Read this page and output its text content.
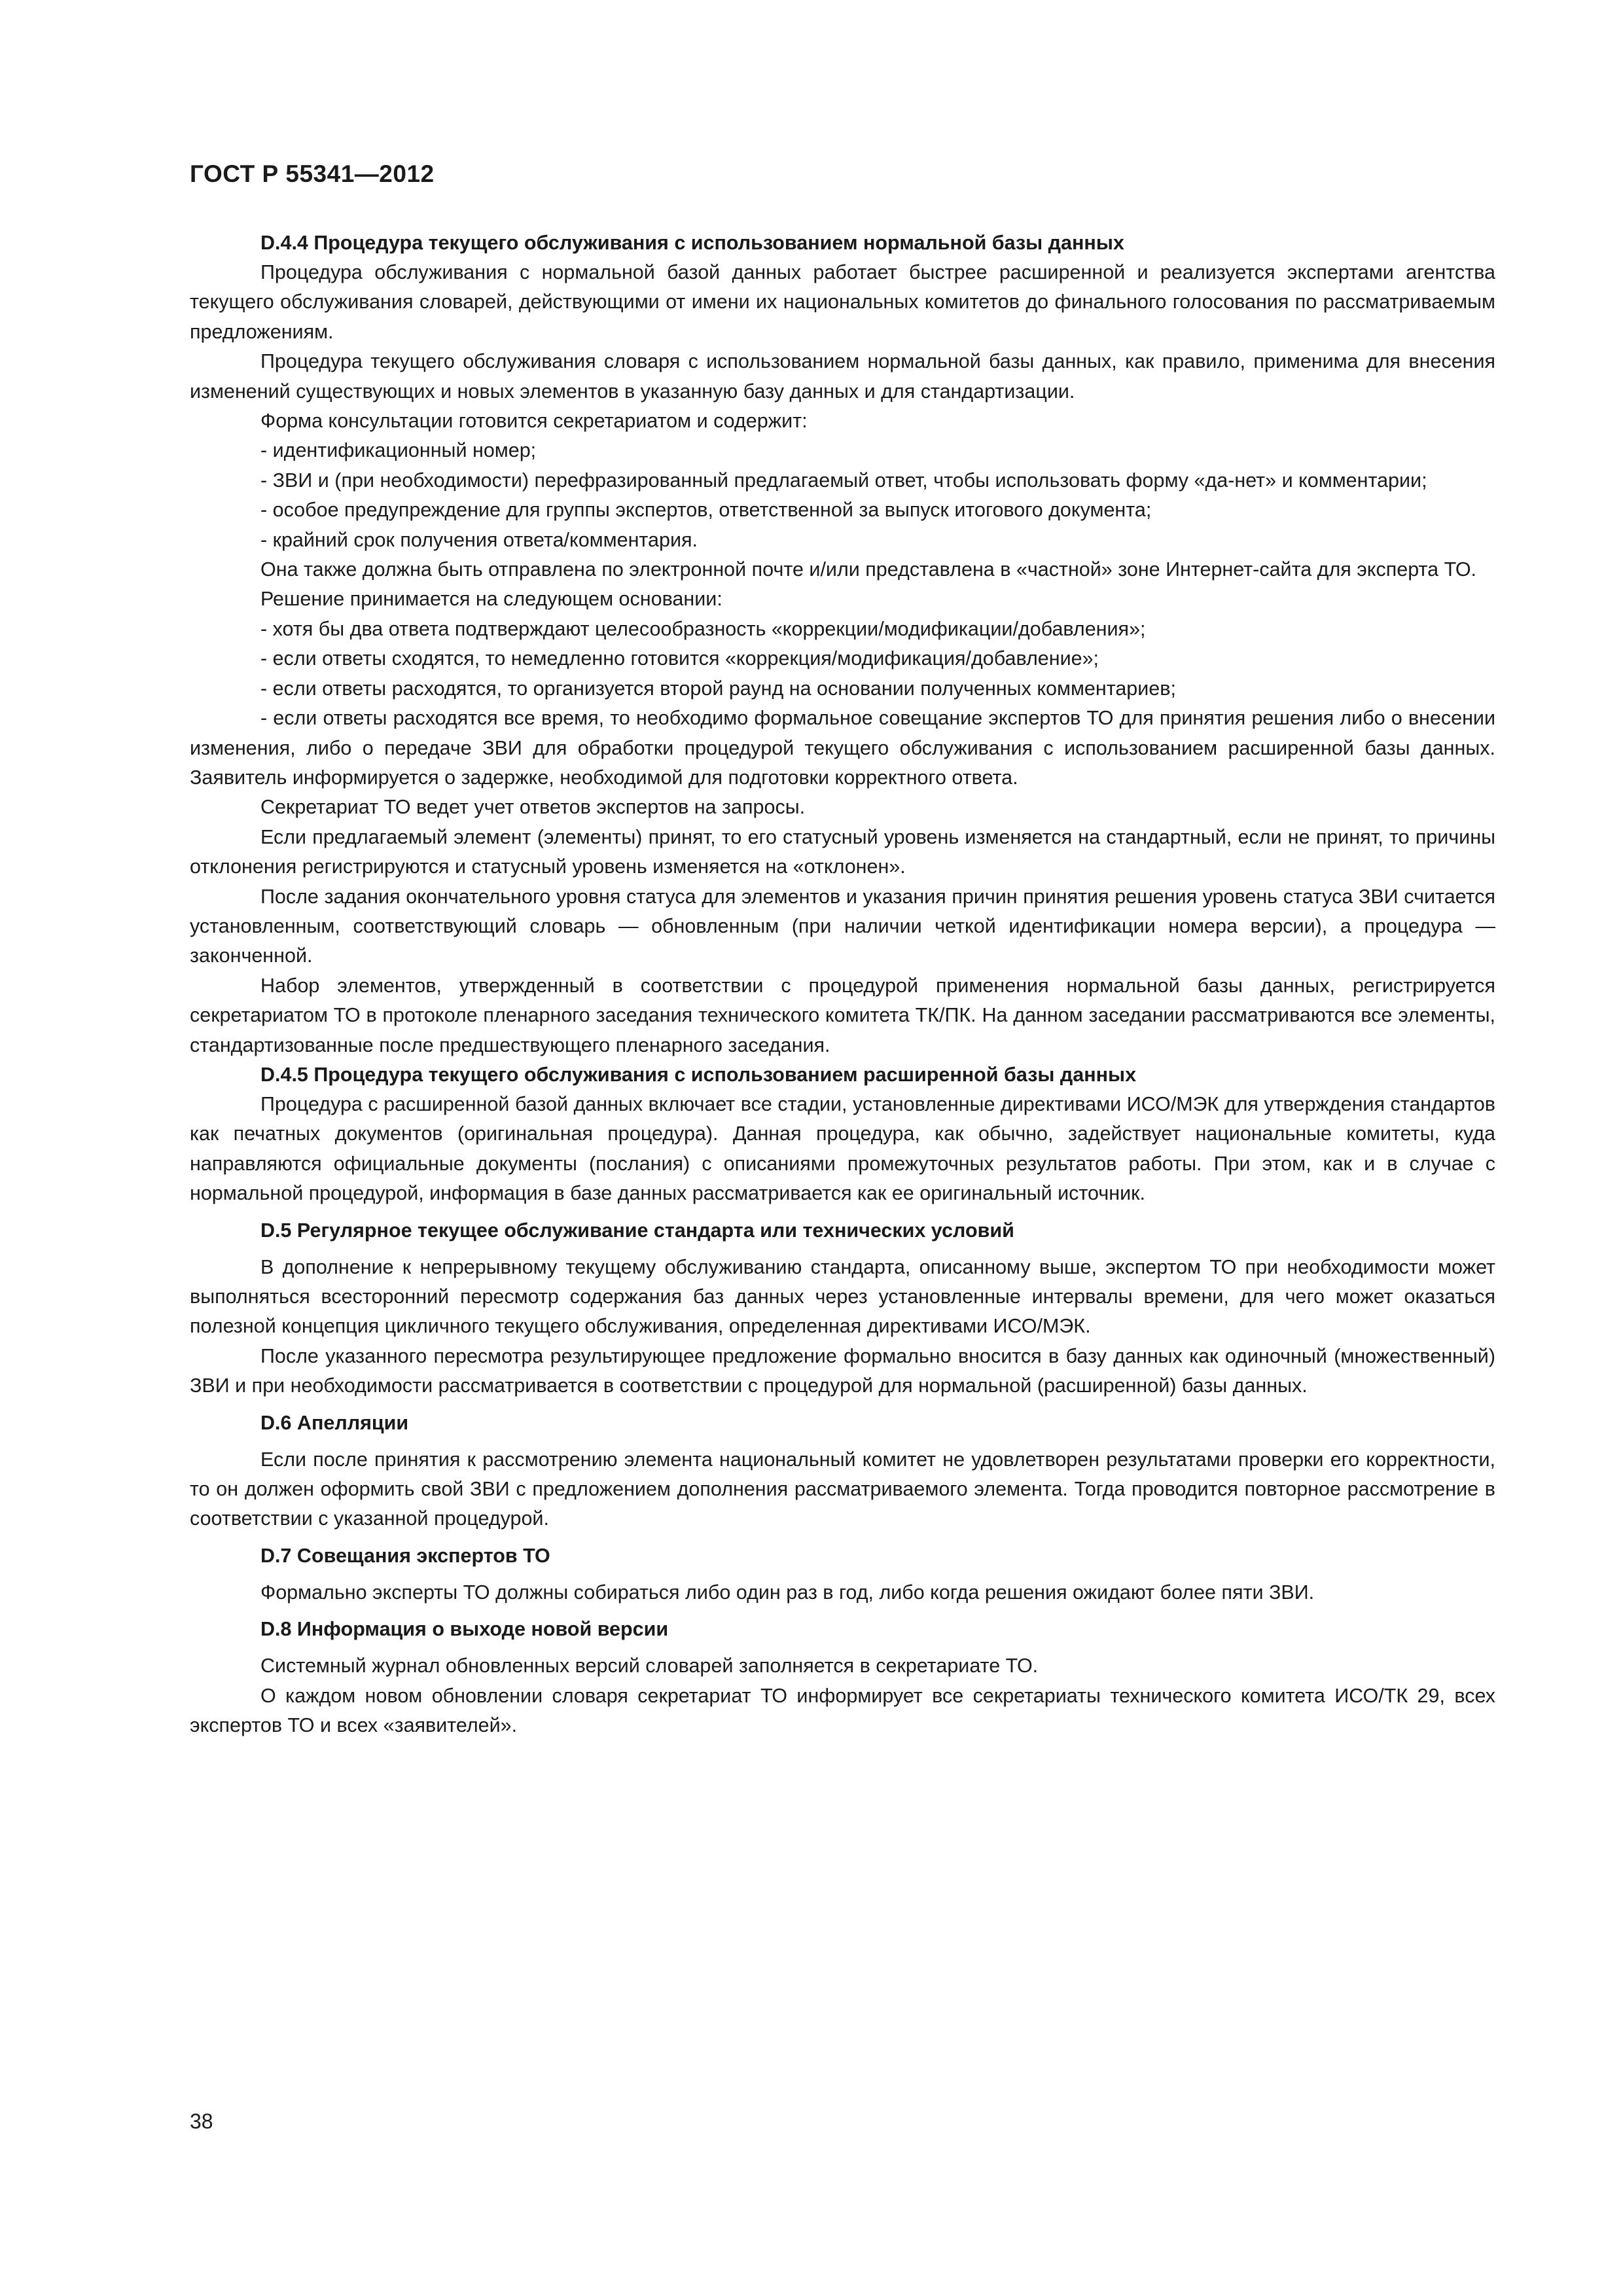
ГОСТ Р 55341—2012
D.4.4 Процедура текущего обслуживания с использованием нормальной базы данных
Процедура обслуживания с нормальной базой данных работает быстрее расширенной и реализуется экспертами агентства текущего обслуживания словарей, действующими от имени их национальных комитетов до финального голосования по рассматриваемым предложениям.
Процедура текущего обслуживания словаря с использованием нормальной базы данных, как правило, применима для внесения изменений существующих и новых элементов в указанную базу данных и для стандартизации.
Форма консультации готовится секретариатом и содержит:
- идентификационный номер;
- ЗВИ и (при необходимости) перефразированный предлагаемый ответ, чтобы использовать форму «да-нет» и комментарии;
- особое предупреждение для группы экспертов, ответственной за выпуск итогового документа;
- крайний срок получения ответа/комментария.
Она также должна быть отправлена по электронной почте и/или представлена в «частной» зоне Интернет-сайта для эксперта ТО.
Решение принимается на следующем основании:
- хотя бы два ответа подтверждают целесообразность «коррекции/модификации/добавления»;
- если ответы сходятся, то немедленно готовится «коррекция/модификация/добавление»;
- если ответы расходятся, то организуется второй раунд на основании полученных комментариев;
- если ответы расходятся все время, то необходимо формальное совещание экспертов ТО для принятия решения либо о внесении изменения, либо о передаче ЗВИ для обработки процедурой текущего обслуживания с использованием расширенной базы данных. Заявитель информируется о задержке, необходимой для подготовки корректного ответа.
Секретариат ТО ведет учет ответов экспертов на запросы.
Если предлагаемый элемент (элементы) принят, то его статусный уровень изменяется на стандартный, если не принят, то причины отклонения регистрируются и статусный уровень изменяется на «отклонен».
После задания окончательного уровня статуса для элементов и указания причин принятия решения уровень статуса ЗВИ считается установленным, соответствующий словарь — обновленным (при наличии четкой идентификации номера версии), а процедура — законченной.
Набор элементов, утвержденный в соответствии с процедурой применения нормальной базы данных, регистрируется секретариатом ТО в протоколе пленарного заседания технического комитета ТК/ПК. На данном заседании рассматриваются все элементы, стандартизованные после предшествующего пленарного заседания.
D.4.5 Процедура текущего обслуживания с использованием расширенной базы данных
Процедура с расширенной базой данных включает все стадии, установленные директивами ИСО/МЭК для утверждения стандартов как печатных документов (оригинальная процедура). Данная процедура, как обычно, задействует национальные комитеты, куда направляются официальные документы (послания) с описаниями промежуточных результатов работы. При этом, как и в случае с нормальной процедурой, информация в базе данных рассматривается как ее оригинальный источник.
D.5 Регулярное текущее обслуживание стандарта или технических условий
В дополнение к непрерывному текущему обслуживанию стандарта, описанному выше, экспертом ТО при необходимости может выполняться всесторонний пересмотр содержания баз данных через установленные интервалы времени, для чего может оказаться полезной концепция цикличного текущего обслуживания, определенная директивами ИСО/МЭК.
После указанного пересмотра результирующее предложение формально вносится в базу данных как одиночный (множественный) ЗВИ и при необходимости рассматривается в соответствии с процедурой для нормальной (расширенной) базы данных.
D.6 Апелляции
Если после принятия к рассмотрению элемента национальный комитет не удовлетворен результатами проверки его корректности, то он должен оформить свой ЗВИ с предложением дополнения рассматриваемого элемента. Тогда проводится повторное рассмотрение в соответствии с указанной процедурой.
D.7 Совещания экспертов ТО
Формально эксперты ТО должны собираться либо один раз в год, либо когда решения ожидают более пяти ЗВИ.
D.8 Информация о выходе новой версии
Системный журнал обновленных версий словарей заполняется в секретариате ТО.
О каждом новом обновлении словаря секретариат ТО информирует все секретариаты технического комитета ИСО/ТК 29, всех экспертов ТО и всех «заявителей».
38
